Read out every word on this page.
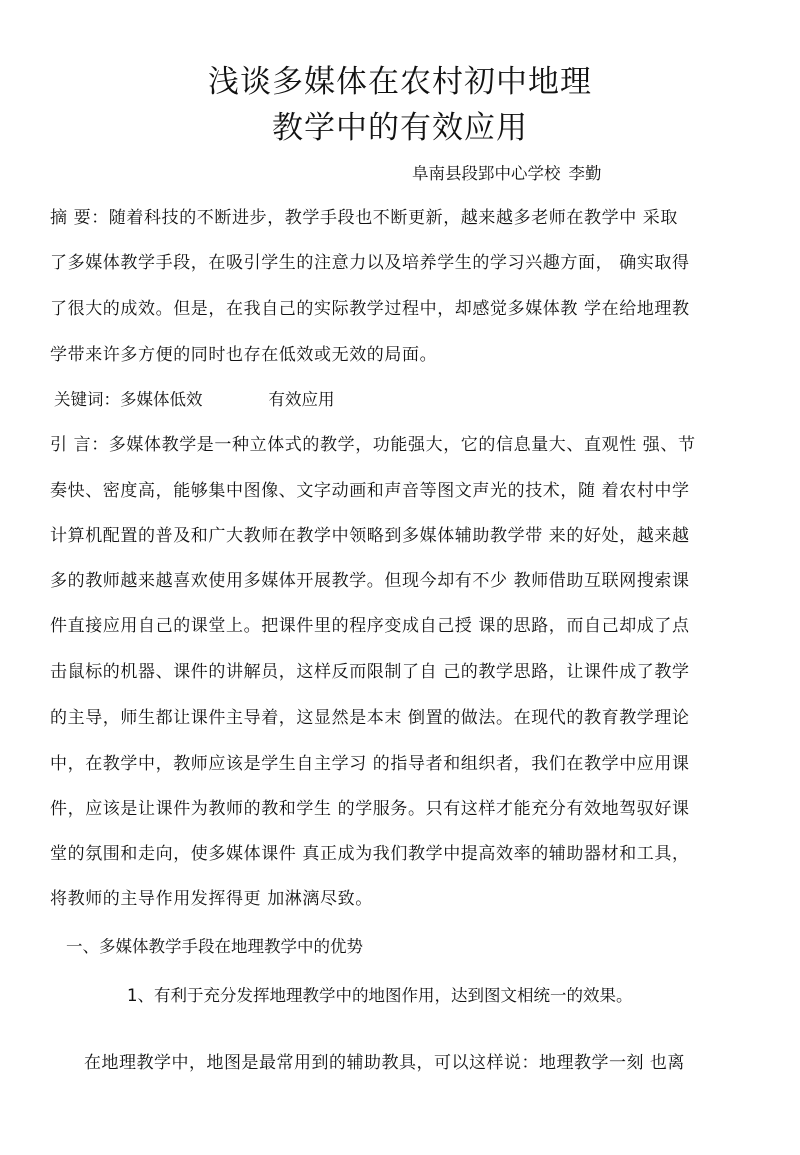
浅谈多媒体在农村初中地理
教学中的有效应用
阜南县段郢中心学校 李勤
摘 要：随着科技的不断进步，教学手段也不断更新，越来越多老师在教学中 采取
了多媒体教学手段，在吸引学生的注意力以及培养学生的学习兴趣方面， 确实取得
了很大的成效。但是，在我自己的实际教学过程中，却感觉多媒体教 学在给地理教
学带来许多方便的同时也存在低效或无效的局面。
关键词：多媒体低效	有效应用
引 言：多媒体教学是一种立体式的教学，功能强大，它的信息量大、直观性 强、节
奏快、密度高，能够集中图像、文字动画和声音等图文声光的技术，随 着农村中学
计算机配置的普及和广大教师在教学中领略到多媒体辅助教学带 来的好处，越来越
多的教师越来越喜欢使用多媒体开展教学。但现今却有不少 教师借助互联网搜索课
件直接应用自己的课堂上。把课件里的程序变成自己授 课的思路，而自己却成了点
击鼠标的机器、课件的讲解员，这样反而限制了自 己的教学思路，让课件成了教学
的主导，师生都让课件主导着，这显然是本末 倒置的做法。在现代的教育教学理论
中，在教学中，教师应该是学生自主学习 的指导者和组织者，我们在教学中应用课
件，应该是让课件为教师的教和学生 的学服务。只有这样才能充分有效地驾驭好课
堂的氛围和走向，使多媒体课件 真正成为我们教学中提高效率的辅助器材和工具，
将教师的主导作用发挥得更 加淋漓尽致。
一、多媒体教学手段在地理教学中的优势
1、有利于充分发挥地理教学中的地图作用，达到图文相统一的效果。
在地理教学中，地图是最常用到的辅助教具，可以这样说：地理教学一刻 也离
